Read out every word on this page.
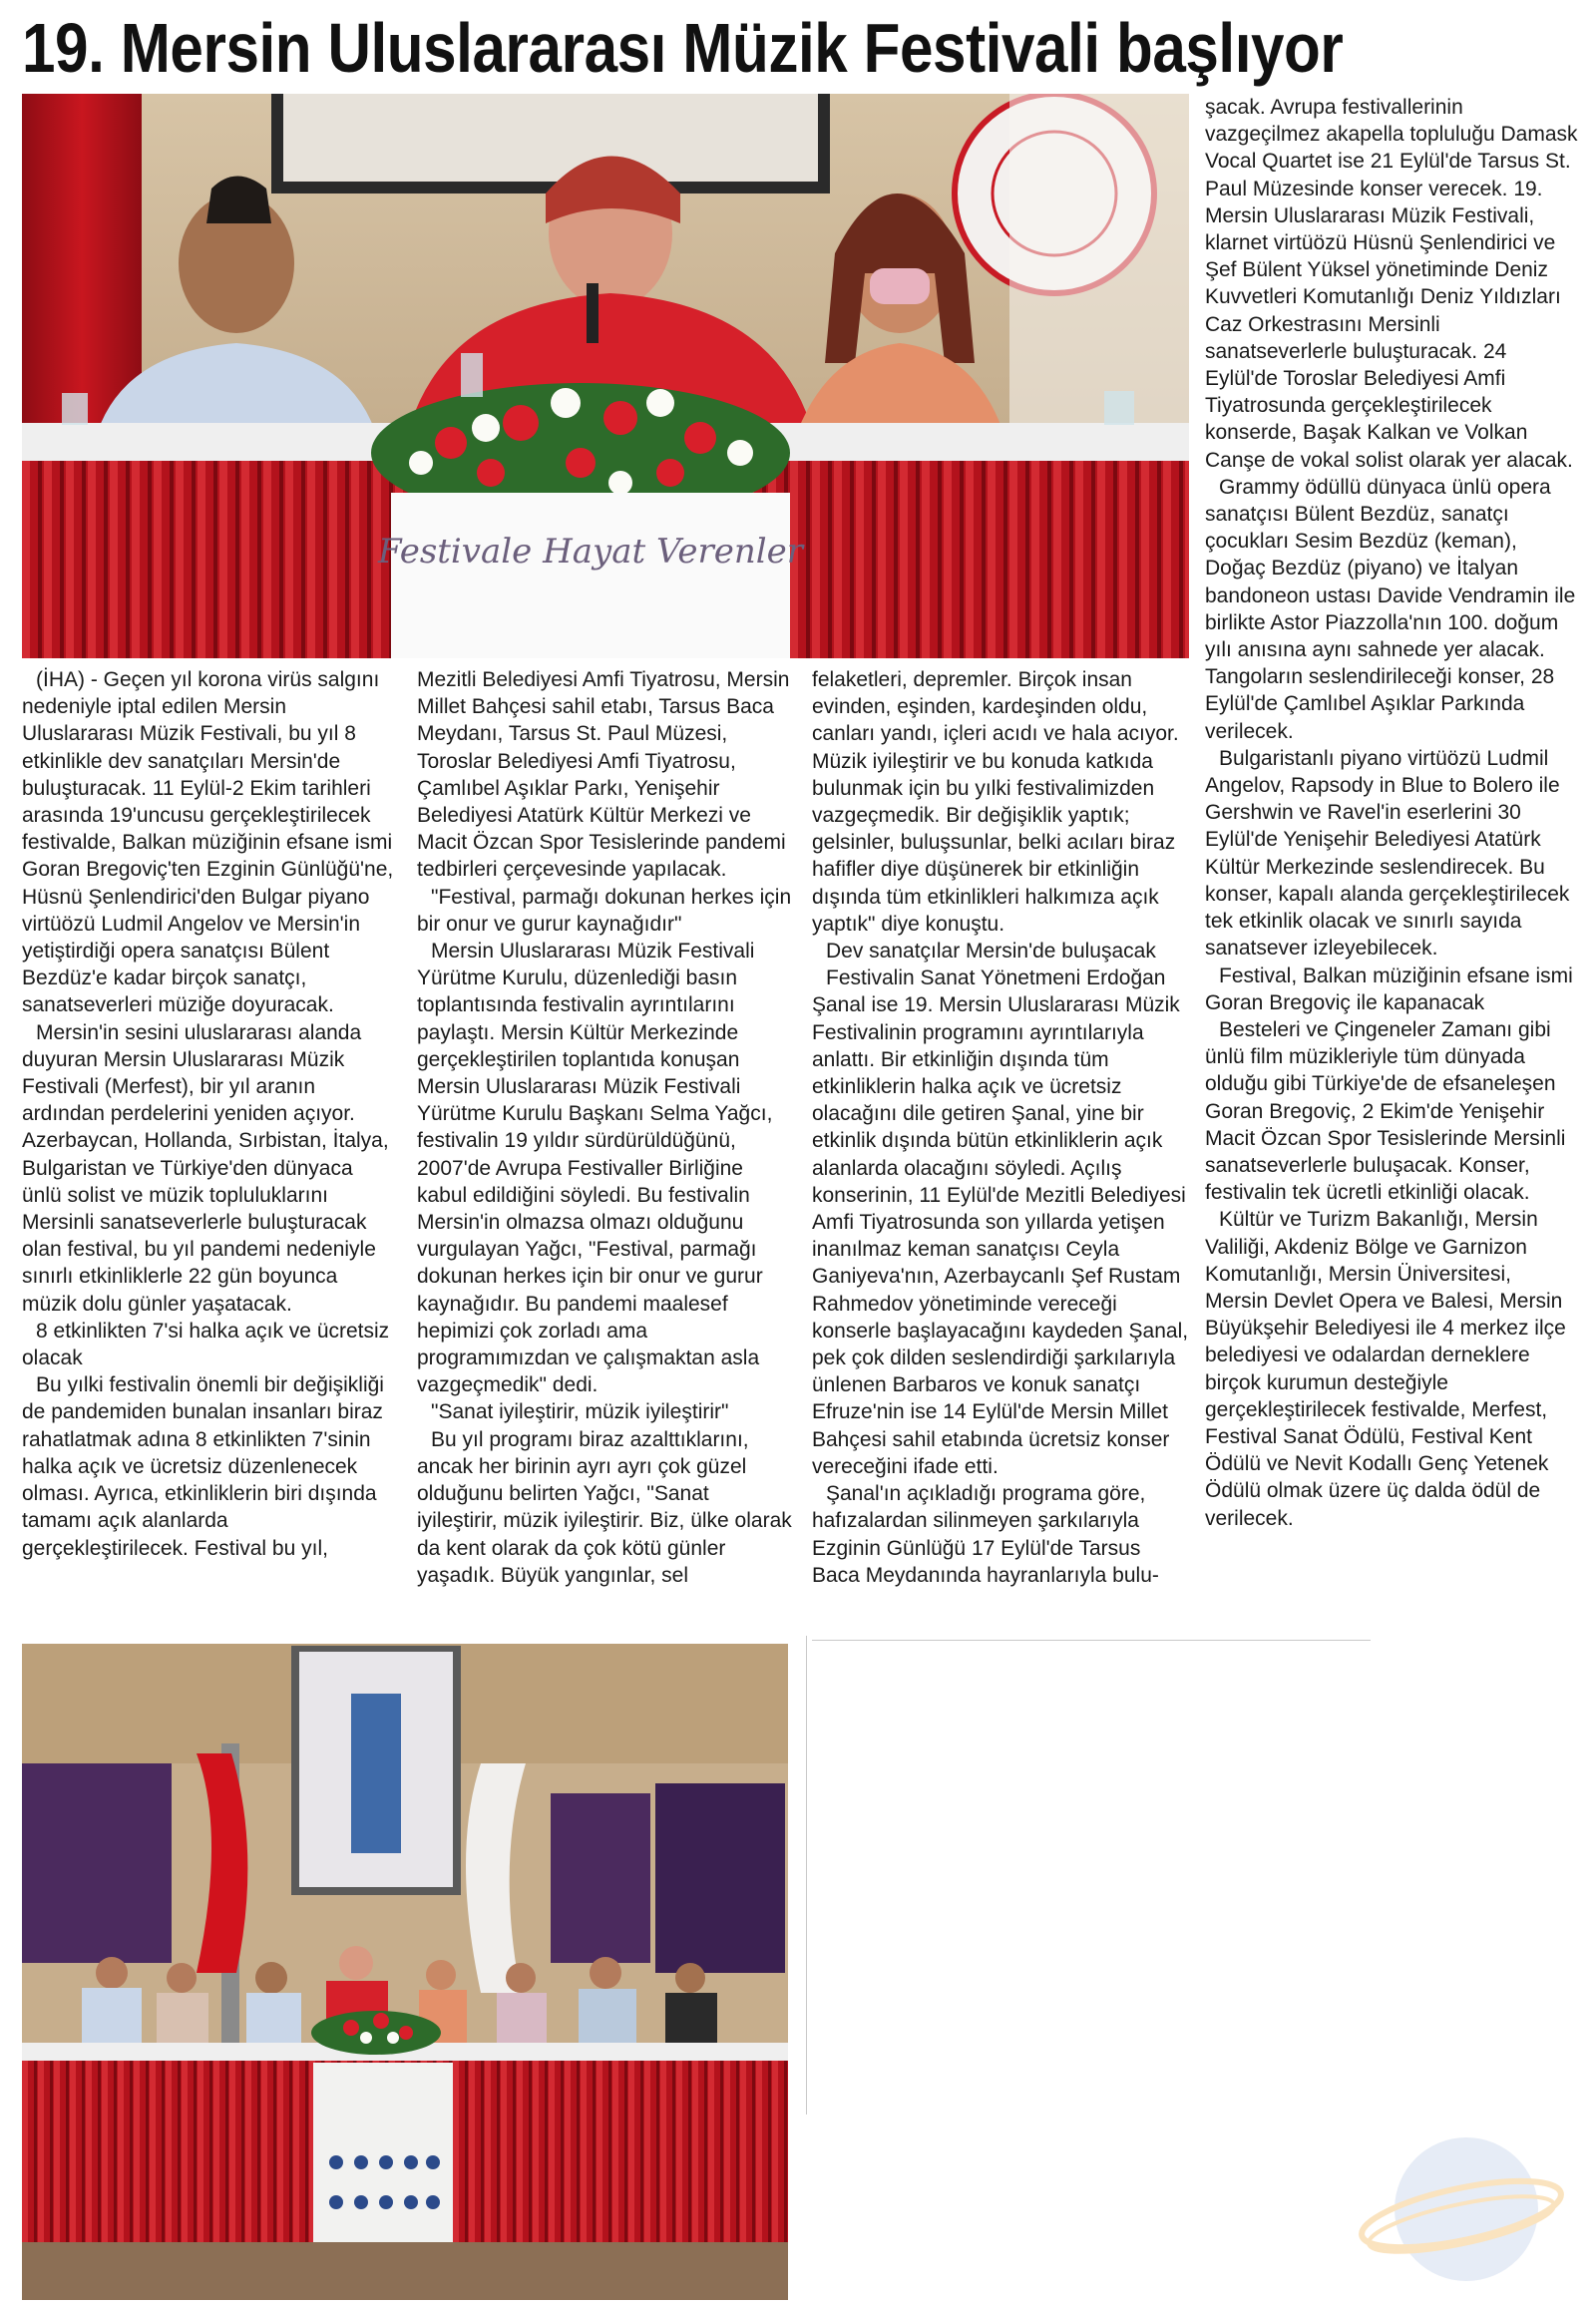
19. Mersin Uluslararası Müzik Festivali başlıyor
Festivale Hayat Verenler

(İHA) - Geçen yıl korona virüs salgını nedeniyle iptal edilen Mersin Uluslararası Müzik Festivali, bu yıl 8 etkinlikle dev sanatçıları Mersin'de buluşturacak. 11 Eylül-2 Ekim tarihleri arasında 19'uncusu gerçekleştirilecek festivalde, Balkan müziğinin efsane ismi Goran Bregoviç'ten Ezginin Günlüğü'ne, Hüsnü Şenlendirici'den Bulgar piyano virtüözü Ludmil Angelov ve Mersin'in yetiştirdiği opera sanatçısı Bülent Bezdüz'e kadar birçok sanatçı, sanatseverleri müziğe doyuracak.

Mersin'in sesini uluslararası alanda duyuran Mersin Uluslararası Müzik Festivali (Merfest), bir yıl aranın ardından perdelerini yeniden açıyor. Azerbaycan, Hollanda, Sırbistan, İtalya, Bulgaristan ve Türkiye'den dünyaca ünlü solist ve müzik topluluklarını Mersinli sanatseverlerle buluşturacak olan festival, bu yıl pandemi nedeniyle sınırlı etkinliklerle 22 gün boyunca müzik dolu günler yaşatacak.

8 etkinlikten 7'si halka açık ve ücretsiz olacak

Bu yılki festivalin önemli bir değişikliği de pandemiden bunalan insanları biraz rahatlatmak adına 8 etkinlikten 7'sinin halka açık ve ücretsiz düzenlenecek olması. Ayrıca, etkinliklerin biri dışında tamamı açık alanlarda gerçekleştirilecek. Festival bu yıl,

Mezitli Belediyesi Amfi Tiyatrosu, Mersin Millet Bahçesi sahil etabı, Tarsus Baca Meydanı, Tarsus St. Paul Müzesi, Toroslar Belediyesi Amfi Tiyatrosu, Çamlıbel Aşıklar Parkı, Yenişehir Belediyesi Atatürk Kültür Merkezi ve Macit Özcan Spor Tesislerinde pandemi tedbirleri çerçevesinde yapılacak.

"Festival, parmağı dokunan herkes için bir onur ve gurur kaynağıdır"

Mersin Uluslararası Müzik Festivali Yürütme Kurulu, düzenlediği basın toplantısında festivalin ayrıntılarını paylaştı. Mersin Kültür Merkezinde gerçekleştirilen toplantıda konuşan Mersin Uluslararası Müzik Festivali Yürütme Kurulu Başkanı Selma Yağcı, festivalin 19 yıldır sürdürüldüğünü, 2007'de Avrupa Festivaller Birliğine kabul edildiğini söyledi. Bu festivalin Mersin'in olmazsa olmazı olduğunu vurgulayan Yağcı, "Festival, parmağı dokunan herkes için bir onur ve gurur kaynağıdır. Bu pandemi maalesef hepimizi çok zorladı ama programımızdan ve çalışmaktan asla vazgeçmedik" dedi.

"Sanat iyileştirir, müzik iyileştirir"

Bu yıl programı biraz azalttıklarını, ancak her birinin ayrı ayrı çok güzel olduğunu belirten Yağcı, "Sanat iyileştirir, müzik iyileştirir. Biz, ülke olarak da kent olarak da çok kötü günler yaşadık. Büyük yangınlar, sel

felaketleri, depremler. Birçok insan evinden, eşinden, kardeşinden oldu, canları yandı, içleri acıdı ve hala acıyor. Müzik iyileştirir ve bu konuda katkıda bulunmak için bu yılki festivalimizden vazgeçmedik. Bir değişiklik yaptık; gelsinler, buluşsunlar, belki acıları biraz hafifler diye düşünerek bir etkinliğin dışında tüm etkinlikleri halkımıza açık yaptık" diye konuştu.

Dev sanatçılar Mersin'de buluşacak

Festivalin Sanat Yönetmeni Erdoğan Şanal ise 19. Mersin Uluslararası Müzik Festivalinin programını ayrıntılarıyla anlattı. Bir etkinliğin dışında tüm etkinliklerin halka açık ve ücretsiz olacağını dile getiren Şanal, yine bir etkinlik dışında bütün etkinliklerin açık alanlarda olacağını söyledi. Açılış konserinin, 11 Eylül'de Mezitli Belediyesi Amfi Tiyatrosunda son yıllarda yetişen inanılmaz keman sanatçısı Ceyla Ganiyeva'nın, Azerbaycanlı Şef Rustam Rahmedov yönetiminde vereceği konserle başlayacağını kaydeden Şanal, pek çok dilden seslendirdiği şarkılarıyla ünlenen Barbaros ve konuk sanatçı Efruze'nin ise 14 Eylül'de Mersin Millet Bahçesi sahil etabında ücretsiz konser vereceğini ifade etti.

Şanal'ın açıkladığı programa göre, hafızalardan silinmeyen şarkılarıyla Ezginin Günlüğü 17 Eylül'de Tarsus Baca Meydanında hayranlarıyla bulu-

şacak. Avrupa festivallerinin vazgeçilmez akapella topluluğu Damask Vocal Quartet ise 21 Eylül'de Tarsus St. Paul Müzesinde konser verecek. 19. Mersin Uluslararası Müzik Festivali, klarnet virtüözü Hüsnü Şenlendirici ve Şef Bülent Yüksel yönetiminde Deniz Kuvvetleri Komutanlığı Deniz Yıldızları Caz Orkestrasını Mersinli sanatseverlerle buluşturacak. 24 Eylül'de Toroslar Belediyesi Amfi Tiyatrosunda gerçekleştirilecek konserde, Başak Kalkan ve Volkan Canşe de vokal solist olarak yer alacak.

Grammy ödüllü dünyaca ünlü opera sanatçısı Bülent Bezdüz, sanatçı çocukları Sesim Bezdüz (keman), Doğaç Bezdüz (piyano) ve İtalyan bandoneon ustası Davide Vendramin ile birlikte Astor Piazzolla'nın 100. doğum yılı anısına aynı sahnede yer alacak. Tangoların seslendirileceği konser, 28 Eylül'de Çamlıbel Aşıklar Parkında verilecek.

Bulgaristanlı piyano virtüözü Ludmil Angelov, Rapsody in Blue to Bolero ile Gershwin ve Ravel'in eserlerini 30 Eylül'de Yenişehir Belediyesi Atatürk Kültür Merkezinde seslendirecek. Bu konser, kapalı alanda gerçekleştirilecek tek etkinlik olacak ve sınırlı sayıda sanatsever izleyebilecek.

Festival, Balkan müziğinin efsane ismi Goran Bregoviç ile kapanacak

Besteleri ve Çingeneler Zamanı gibi ünlü film müzikleriyle tüm dünyada olduğu gibi Türkiye'de de efsaneleşen Goran Bregoviç, 2 Ekim'de Yenişehir Macit Özcan Spor Tesislerinde Mersinli sanatseverlerle buluşacak. Konser, festivalin tek ücretli etkinliği olacak.

Kültür ve Turizm Bakanlığı, Mersin Valiliği, Akdeniz Bölge ve Garnizon Komutanlığı, Mersin Üniversitesi, Mersin Devlet Opera ve Balesi, Mersin Büyükşehir Belediyesi ile 4 merkez ilçe belediyesi ve odalardan derneklere birçok kurumun desteğiyle gerçekleştirilecek festivalde, Merfest, Festival Sanat Ödülü, Festival Kent Ödülü ve Nevit Kodallı Genç Yetenek Ödülü olmak üzere üç dalda ödül de verilecek.
